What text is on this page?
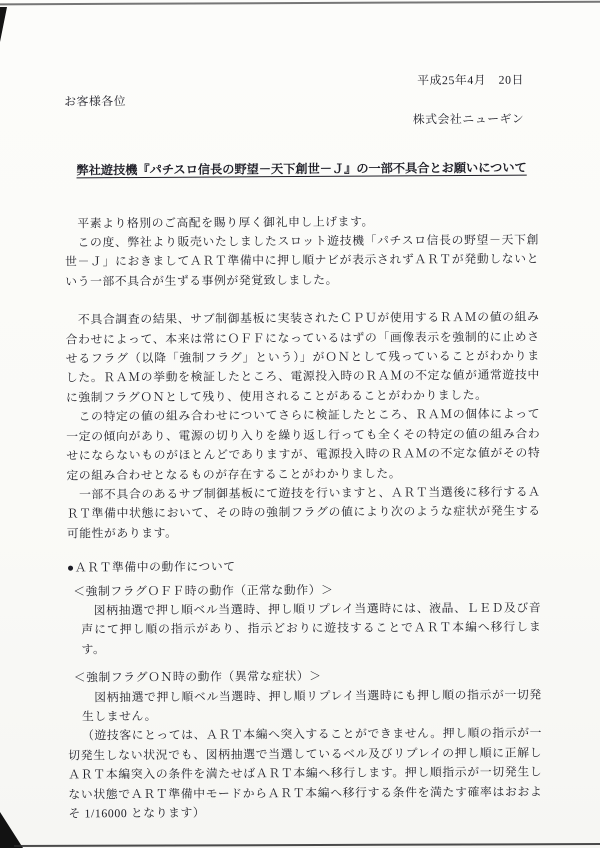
平成25年4月　20日
お客様各位
株式会社ニューギン
弊社遊技機『パチスロ信長の野望－天下創世－Ｊ』の一部不具合とお願いについて

　平素より格別のご高配を賜り厚く御礼申し上げます。

　この度、弊社より販売いたしましたスロット遊技機「パチスロ信長の野望－天下創世－Ｊ」におきましてＡＲＴ準備中に押し順ナビが表示されずＡＲＴが発動しないという一部不具合が生ずる事例が発覚致しました。

　不具合調査の結果、サブ制御基板に実装されたＣＰＵが使用するＲＡＭの値の組み合わせによって、本来は常にＯＦＦになっているはずの「画像表示を強制的に止めさせるフラグ（以降「強制フラグ」という）」がＯＮとして残っていることがわかりました。ＲＡＭの挙動を検証したところ、電源投入時のＲＡＭの不定な値が通常遊技中に強制フラグＯＮとして残り、使用されることがあることがわかりました。

　この特定の値の組み合わせについてさらに検証したところ、ＲＡＭの個体によって一定の傾向があり、電源の切り入りを繰り返し行っても全くその特定の値の組み合わせにならないものがほとんどでありますが、電源投入時のＲＡＭの不定な値がその特定の組み合わせとなるものが存在することがわかりました。

　一部不具合のあるサブ制御基板にて遊技を行いますと、ＡＲＴ当選後に移行するＡＲＴ準備中状態において、その時の強制フラグの値により次のような症状が発生する可能性があります。

●ＡＲＴ準備中の動作について
＜強制フラグＯＦＦ時の動作（正常な動作）＞

　図柄抽選で押し順ベル当選時、押し順リプレイ当選時には、液晶、ＬＥＤ及び音声にて押し順の指示があり、指示どおりに遊技することでＡＲＴ本編へ移行します。

＜強制フラグＯＮ時の動作（異常な症状）＞

　図柄抽選で押し順ベル当選時、押し順リプレイ当選時にも押し順の指示が一切発生しません。

（遊技客にとっては、ＡＲＴ本編へ突入することができません。押し順の指示が一切発生しない状況でも、図柄抽選で当選しているベル及びリプレイの押し順に正解しＡＲＴ本編突入の条件を満たせばＡＲＴ本編へ移行します。押し順指示が一切発生しない状態でＡＲＴ準備中モードからＡＲＴ本編へ移行する条件を満たす確率はおおよそ 1/16000 となります）
